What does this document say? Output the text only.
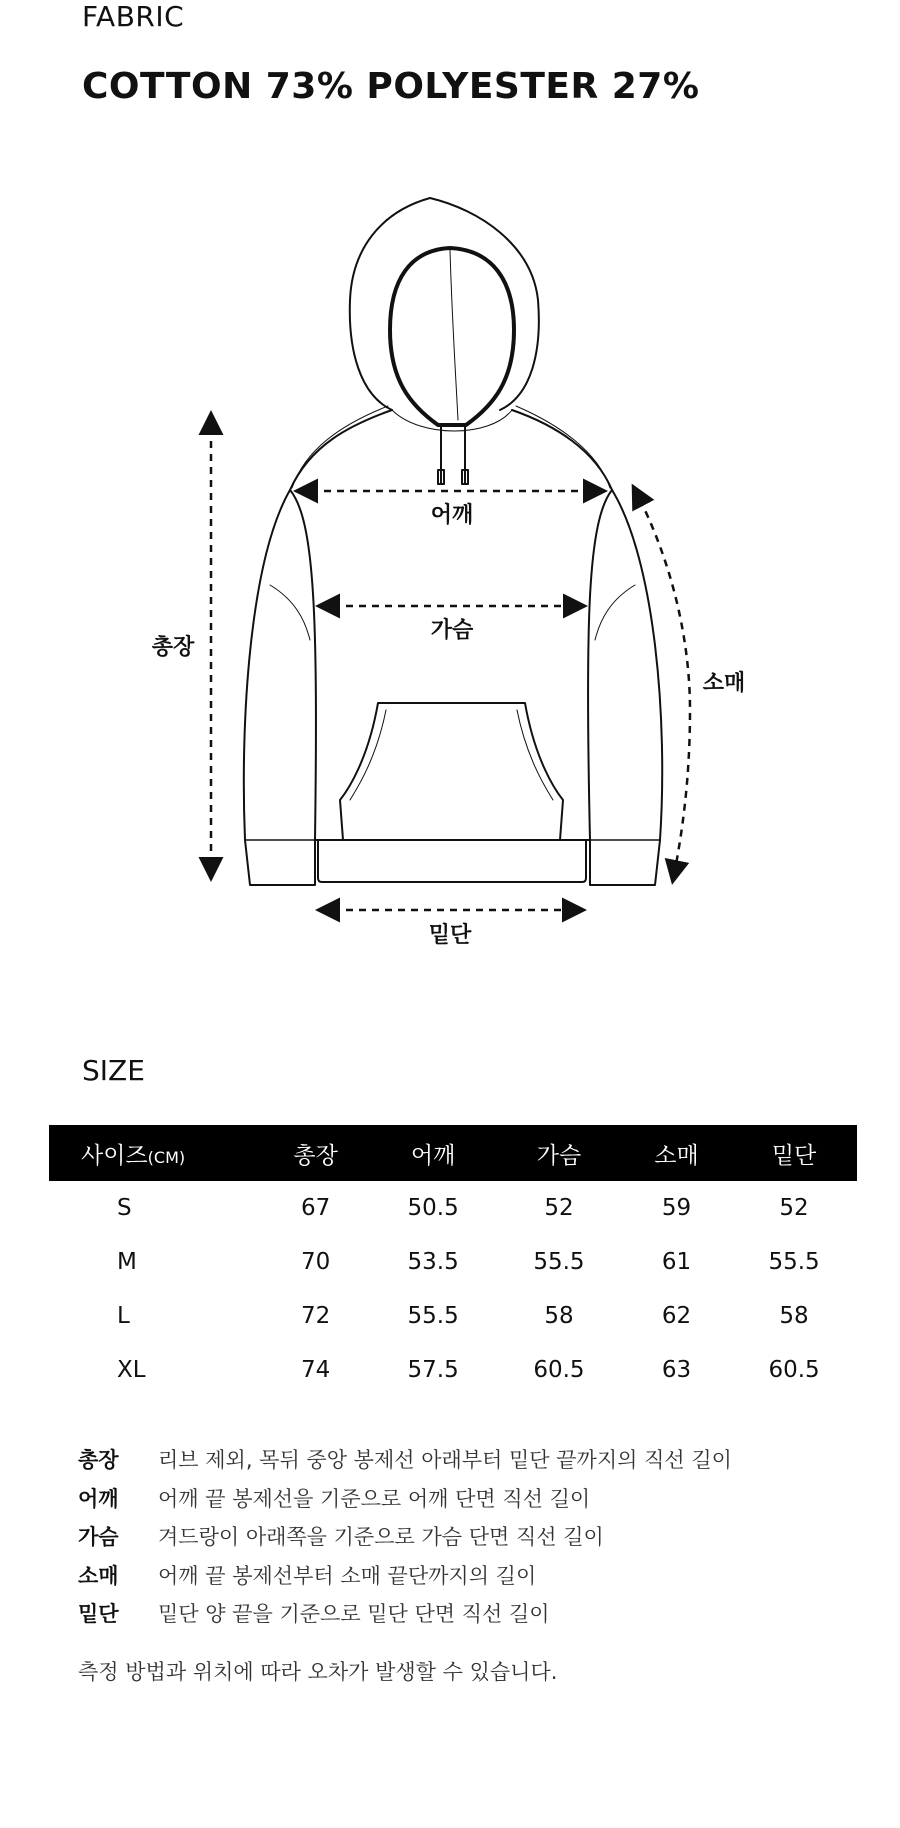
FABRIC
COTTON 73% POLYESTER 27%
어깨
가슴
총장
소매
밑단
SIZE
사이즈(CM)	총장	어깨	가슴	소매	밑단
S	67	50.5	52	59	52
M	70	53.5	55.5	61	55.5
L	72	55.5	58	62	58
XL	74	57.5	60.5	63	60.5
총장	리브 제외, 목뒤 중앙 봉제선 아래부터 밑단 끝까지의 직선 길이
어깨	어깨 끝 봉제선을 기준으로 어깨 단면 직선 길이
가슴	겨드랑이 아래쪽을 기준으로 가슴 단면 직선 길이
소매	어깨 끝 봉제선부터 소매 끝단까지의 길이
밑단	밑단 양 끝을 기준으로 밑단 단면 직선 길이
측정 방법과 위치에 따라 오차가 발생할 수 있습니다.
